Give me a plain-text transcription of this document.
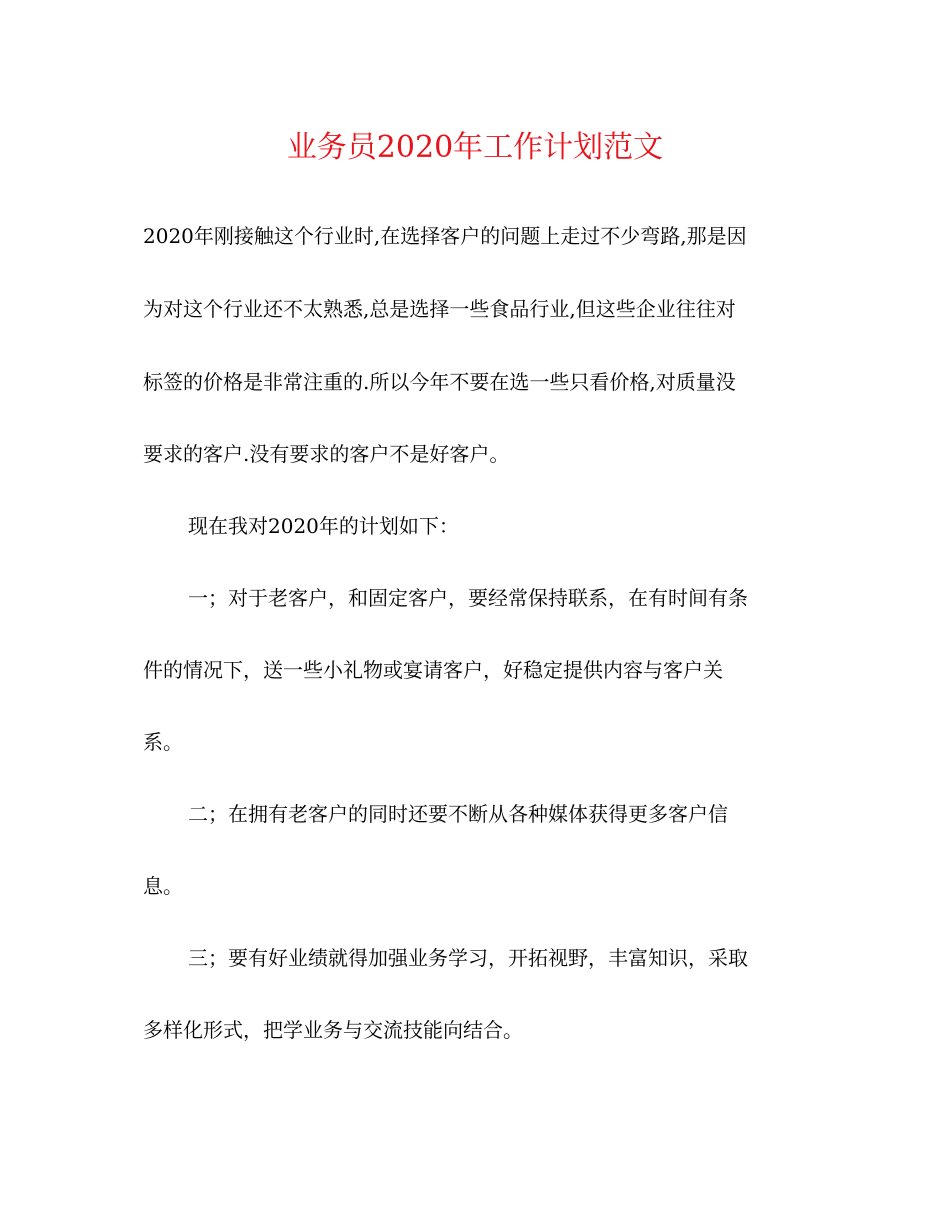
业务员2020年工作计划范文
2020年刚接触这个行业时,在选择客户的问题上走过不少弯路,那是因
为对这个行业还不太熟悉,总是选择一些食品行业,但这些企业往往对
标签的价格是非常注重的.所以今年不要在选一些只看价格,对质量没
要求的客户.没有要求的客户不是好客户。
现在我对2020年的计划如下：
一；对于老客户，和固定客户，要经常保持联系，在有时间有条
件的情况下，送一些小礼物或宴请客户，好稳定提供内容与客户关
系。
二；在拥有老客户的同时还要不断从各种媒体获得更多客户信
息。
三；要有好业绩就得加强业务学习，开拓视野，丰富知识，采取
多样化形式，把学业务与交流技能向结合。
